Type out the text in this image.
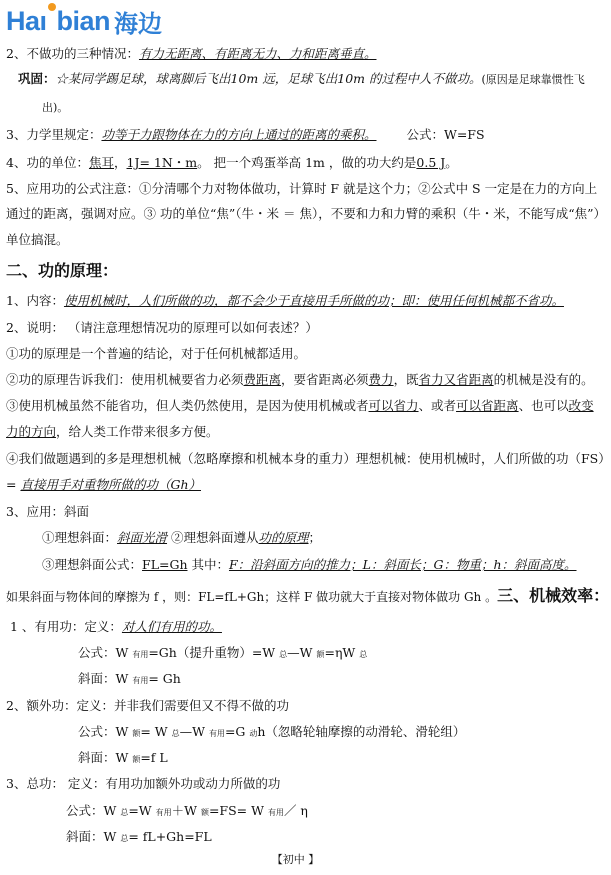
Ha ı bian 海边
2、不做功的三种情况：有力无距离、有距离无力、力和距离垂直。
巩固：☆某同学踢足球，球离脚后飞出10m 远，足球飞出10m 的过程中人不做功。(原因是足球靠惯性飞
出)。
3、力学里规定：功等于力跟物体在力的方向上通过的距离的乘积。 公式：W=FS
4、功的单位：焦耳，1J= 1N・m。 把一个鸡蛋举高 1m ，做的功大约是0.5 J。
5、应用功的公式注意：①分清哪个力对物体做功，计算时 F 就是这个力；②公式中 S 一定是在力的方向上
通过的距离，强调对应。③ 功的单位“焦”（牛・米 ＝ 焦），不要和力和力臂的乘积（牛・米，不能写成“焦”）
单位搞混。
二、功的原理：
1、内容：使用机械时，人们所做的功，都不会少于直接用手所做的功；即：使用任何机械都不省功。
2、说明： （请注意理想情况功的原理可以如何表述？）
①功的原理是一个普遍的结论，对于任何机械都适用。
②功的原理告诉我们：使用机械要省力必须费距离，要省距离必须费力，既省力又省距离的机械是没有的。
③使用机械虽然不能省功，但人类仍然使用，是因为使用机械或者可以省力、或者可以省距离、也可以改变
力的方向，给人类工作带来很多方便。
④我们做题遇到的多是理想机械（忽略摩擦和机械本身的重力）理想机械：使用机械时，人们所做的功（FS）
= 直接用手对重物所做的功（Gh）
3、应用：斜面
①理想斜面：斜面光滑 ②理想斜面遵从功的原理；
③理想斜面公式：FL=Gh 其中：F：沿斜面方向的推力；L：斜面长；G：物重；h：斜面高度。
如果斜面与物体间的摩擦为 f ，则：FL=fL+Gh；这样 F 做功就大于直接对物体做功 Gh 。三、机械效率：
1 、有用功：定义：对人们有用的功。
公式：W 有用=Gh（提升重物）=W 总—W 额=ηW 总
斜面：W 有用= Gh
2、额外功：定义：并非我们需要但又不得不做的功
公式：W 额= W 总—W 有用=G 动h（忽略轮轴摩擦的动滑轮、滑轮组）
斜面：W 额=f L
3、总功： 定义：有用功加额外功或动力所做的功
公式：W 总=W 有用＋W 额=FS= W 有用／ η
斜面：W 总= fL+Gh=FL
【初中 】
